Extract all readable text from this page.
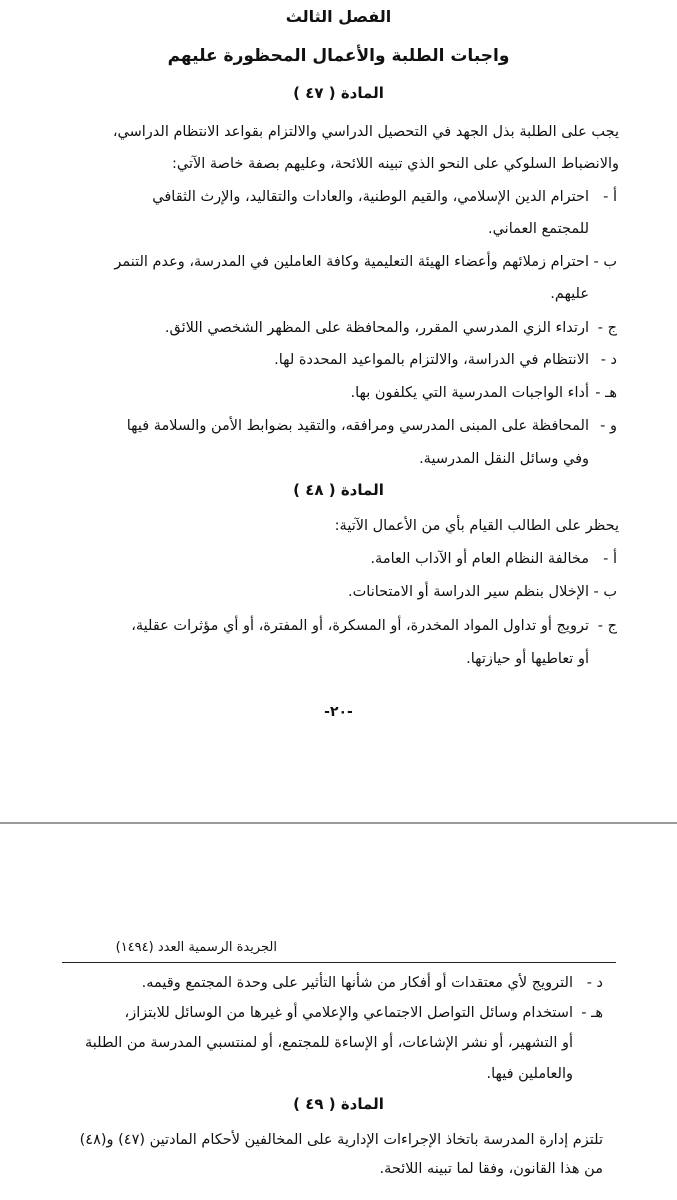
الفصل الثالث
واجبات الطلبة والأعمال المحظورة عليهم
المادة ( ٤٧ )
يجب على الطلبة بذل الجهد في التحصيل الدراسي والالتزام بقواعد الانتظام الدراسي،
والانضباط السلوكي على النحو الذي تبينه اللائحة، وعليهم بصفة خاصة الآتي:
أ -
احترام الدين الإسلامي، والقيم الوطنية، والعادات والتقاليد، والإرث الثقافي
للمجتمع العماني.
ب -
احترام زملائهم وأعضاء الهيئة التعليمية وكافة العاملين في المدرسة، وعدم التنمر
عليهم.
ج -
ارتداء الزي المدرسي المقرر، والمحافظة على المظهر الشخصي اللائق.
د -
الانتظام في الدراسة، والالتزام بالمواعيد المحددة لها.
هـ -
أداء الواجبات المدرسية التي يكلفون بها.
و -
المحافظة على المبنى المدرسي ومرافقه، والتقيد بضوابط الأمن والسلامة فيها
وفي وسائل النقل المدرسية.
المادة ( ٤٨ )
يحظر على الطالب القيام بأي من الأعمال الآتية:
أ -
مخالفة النظام العام أو الآداب العامة.
ب -
الإخلال بنظم سير الدراسة أو الامتحانات.
ج -
ترويج أو تداول المواد المخدرة، أو المسكرة، أو المفترة، أو أي مؤثرات عقلية،
أو تعاطيها أو حيازتها.
-٢٠-
الجريدة الرسمية العدد (١٤٩٤)
د -
الترويج لأي معتقدات أو أفكار من شأنها التأثير على وحدة المجتمع وقيمه.
هـ -
استخدام وسائل التواصل الاجتماعي والإعلامي أو غيرها من الوسائل للابتزاز،
أو التشهير، أو نشر الإشاعات، أو الإساءة للمجتمع، أو لمنتسبي المدرسة من الطلبة
والعاملين فيها.
المادة ( ٤٩ )
تلتزم إدارة المدرسة باتخاذ الإجراءات الإدارية على المخالفين لأحكام المادتين (٤٧) و(٤٨)
من هذا القانون، وفقا لما تبينه اللائحة.
